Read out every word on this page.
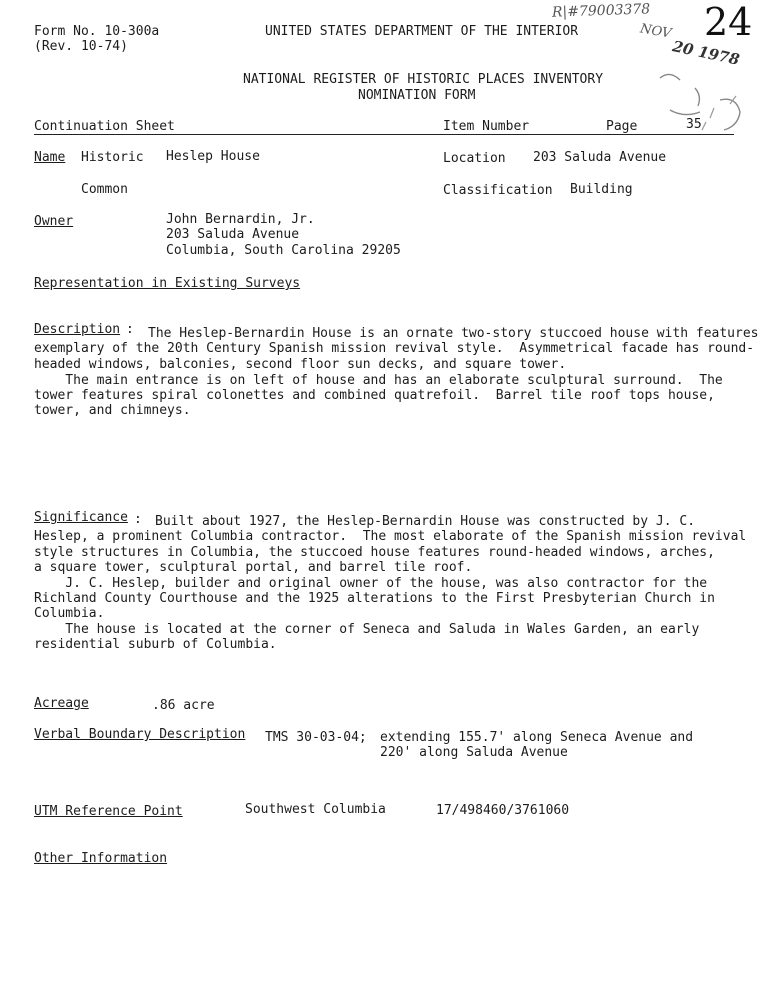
Form No. 10-300a
(Rev. 10-74)
UNITED STATES DEPARTMENT OF THE INTERIOR
NATIONAL REGISTER OF HISTORIC PLACES INVENTORY
NOMINATION FORM
R|#79003378 24
NOV
20 1978
Continuation Sheet	Item Number	Page	35
Name Historic Heslep House	Location 203 Saluda Avenue
Common	Classification Building
Owner	John Bernardin, Jr.
203 Saluda Avenue
Columbia, South Carolina 29205
Representation in Existing Surveys
Description : The Heslep-Bernardin House is an ornate two-story stuccoed house with features
exemplary of the 20th Century Spanish mission revival style.  Asymmetrical facade has round-
headed windows, balconies, second floor sun decks, and square tower.
The main entrance is on left of house and has an elaborate sculptural surround.  The
tower features spiral colonettes and combined quatrefoil.  Barrel tile roof tops house,
tower, and chimneys.
Significance : Built about 1927, the Heslep-Bernardin House was constructed by J. C.
Heslep, a prominent Columbia contractor.  The most elaborate of the Spanish mission revival
style structures in Columbia, the stuccoed house features round-headed windows, arches,
a square tower, sculptural portal, and barrel tile roof.
J. C. Heslep, builder and original owner of the house, was also contractor for the
Richland County Courthouse and the 1925 alterations to the First Presbyterian Church in
Columbia.
The house is located at the corner of Seneca and Saluda in Wales Garden, an early
residential suburb of Columbia.
Acreage	.86 acre
Verbal Boundary Description TMS 30-03-04; extending 155.7' along Seneca Avenue and
220' along Saluda Avenue
UTM Reference Point	Southwest Columbia	17/498460/3761060
Other Information
